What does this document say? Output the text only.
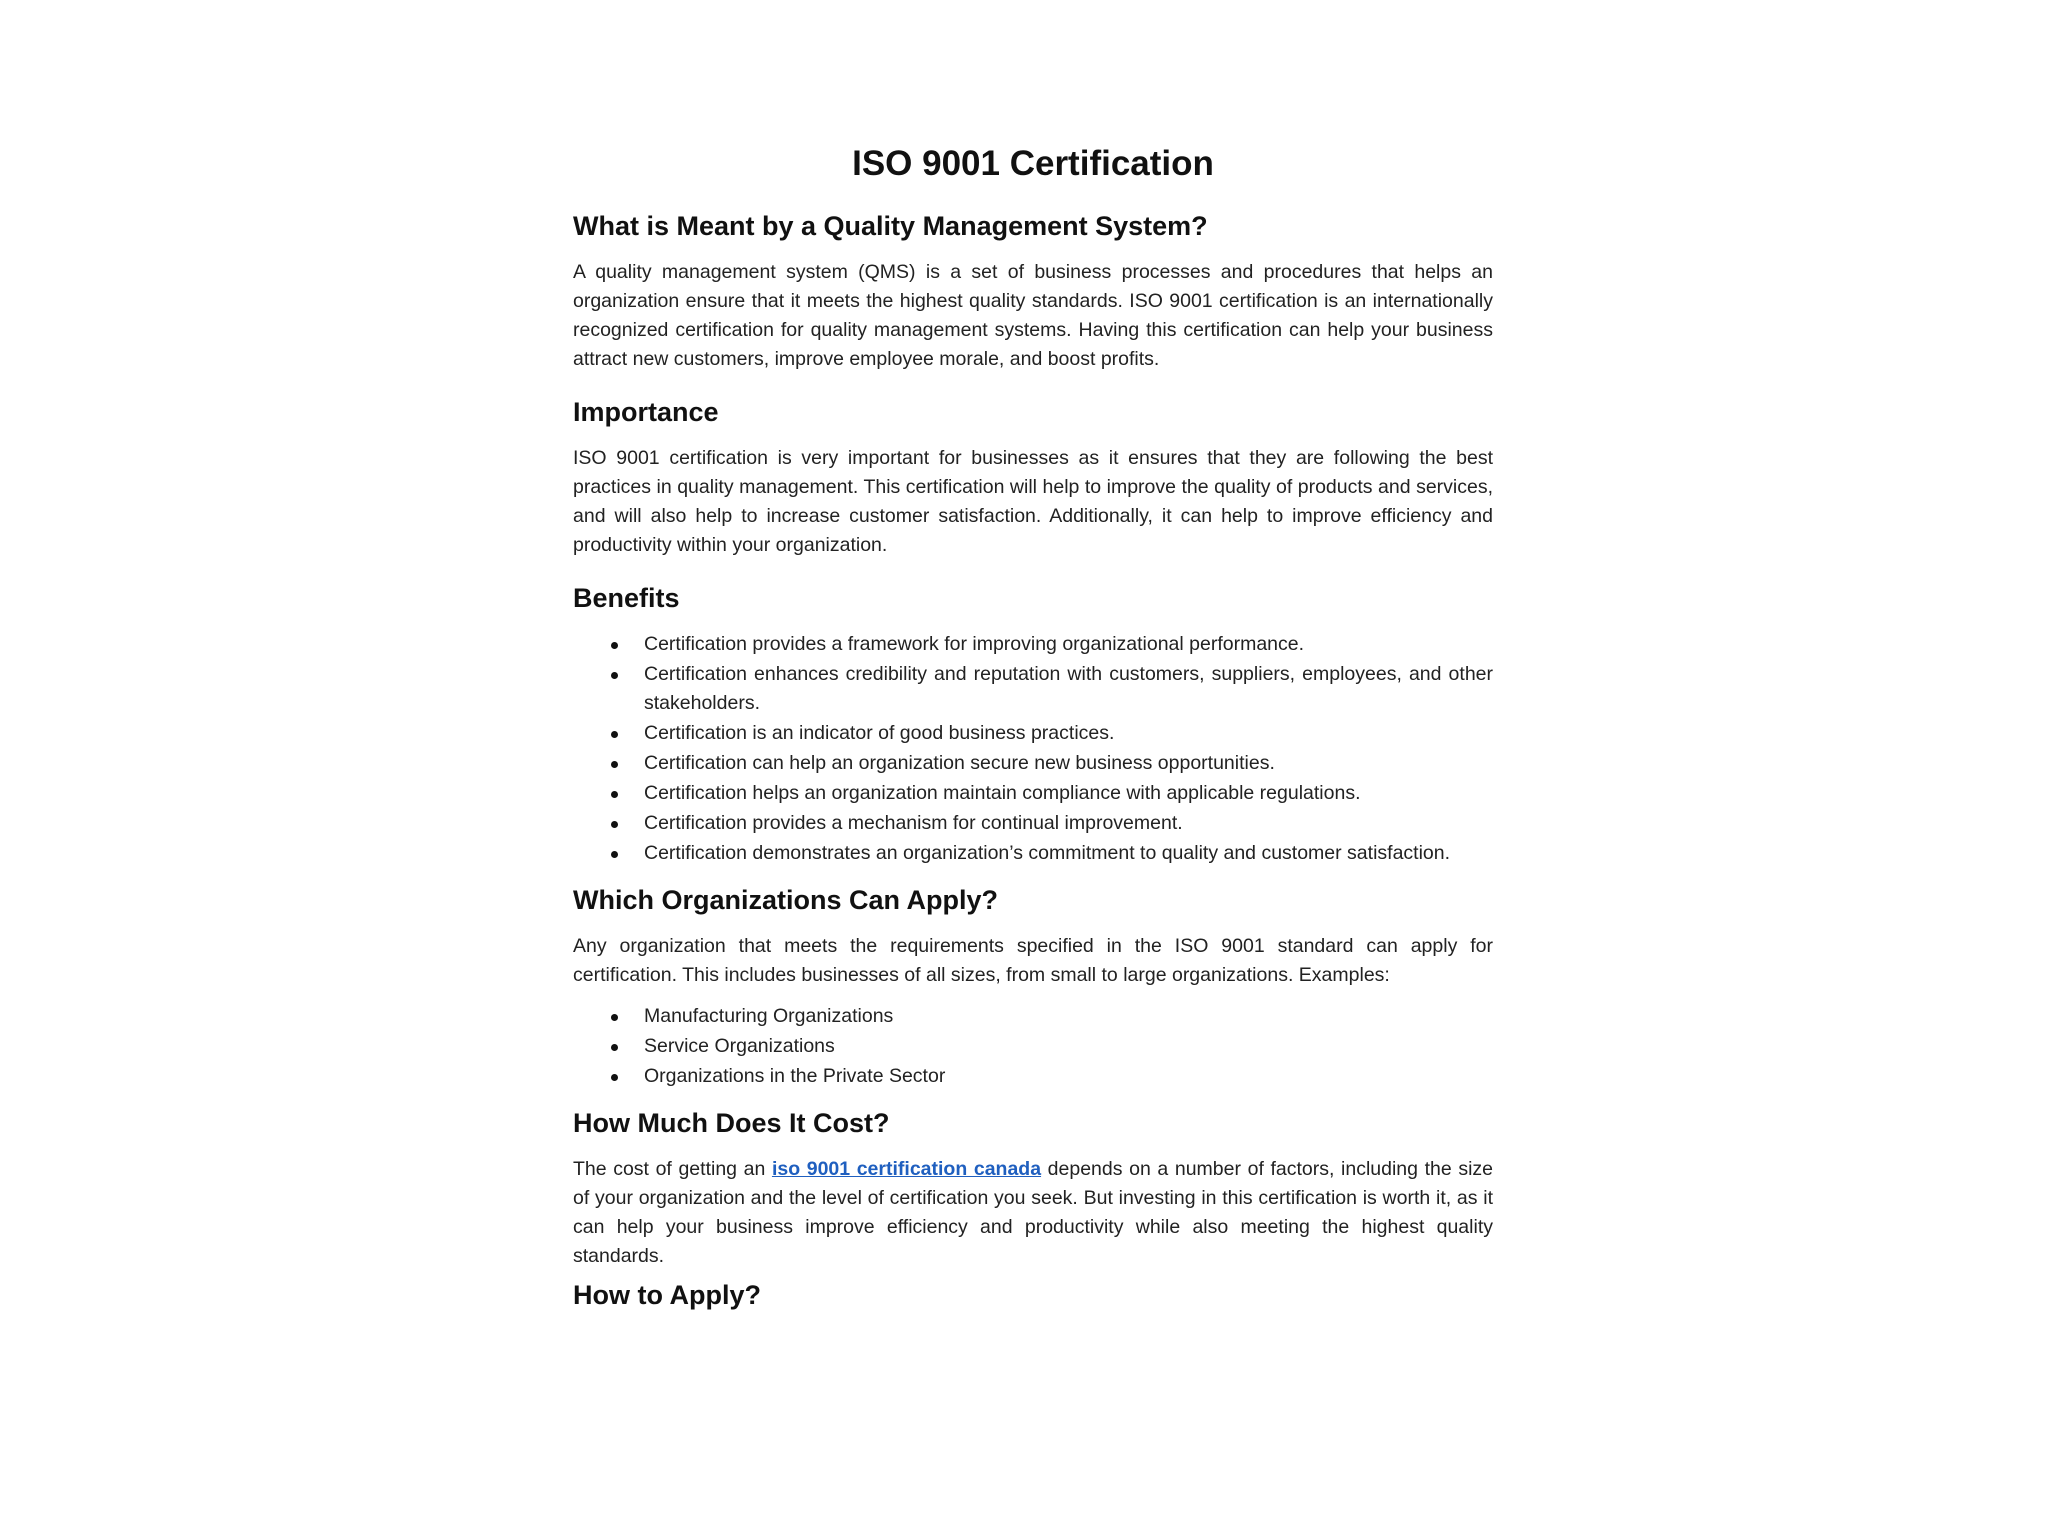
ISO 9001 Certification
What is Meant by a Quality Management System?

A quality management system (QMS) is a set of business processes and procedures that helps an organization ensure that it meets the highest quality standards. ISO 9001 certification is an internationally recognized certification for quality management systems. Having this certification can help your business attract new customers, improve employee morale, and boost profits.

Importance

ISO 9001 certification is very important for businesses as it ensures that they are following the best practices in quality management. This certification will help to improve the quality of products and services, and will also help to increase customer satisfaction. Additionally, it can help to improve efficiency and productivity within your organization.

Benefits
Certification provides a framework for improving organizational performance.
Certification enhances credibility and reputation with customers, suppliers, employees, and other stakeholders.
Certification is an indicator of good business practices.
Certification can help an organization secure new business opportunities.
Certification helps an organization maintain compliance with applicable regulations.
Certification provides a mechanism for continual improvement.
Certification demonstrates an organization’s commitment to quality and customer satisfaction.
Which Organizations Can Apply?

Any organization that meets the requirements specified in the ISO 9001 standard can apply for certification. This includes businesses of all sizes, from small to large organizations. Examples:

Manufacturing Organizations
Service Organizations
Organizations in the Private Sector
How Much Does It Cost?

The cost of getting an iso 9001 certification canada depends on a number of factors, including the size of your organization and the level of certification you seek. But investing in this certification is worth it, as it can help your business improve efficiency and productivity while also meeting the highest quality standards.

How to Apply?
